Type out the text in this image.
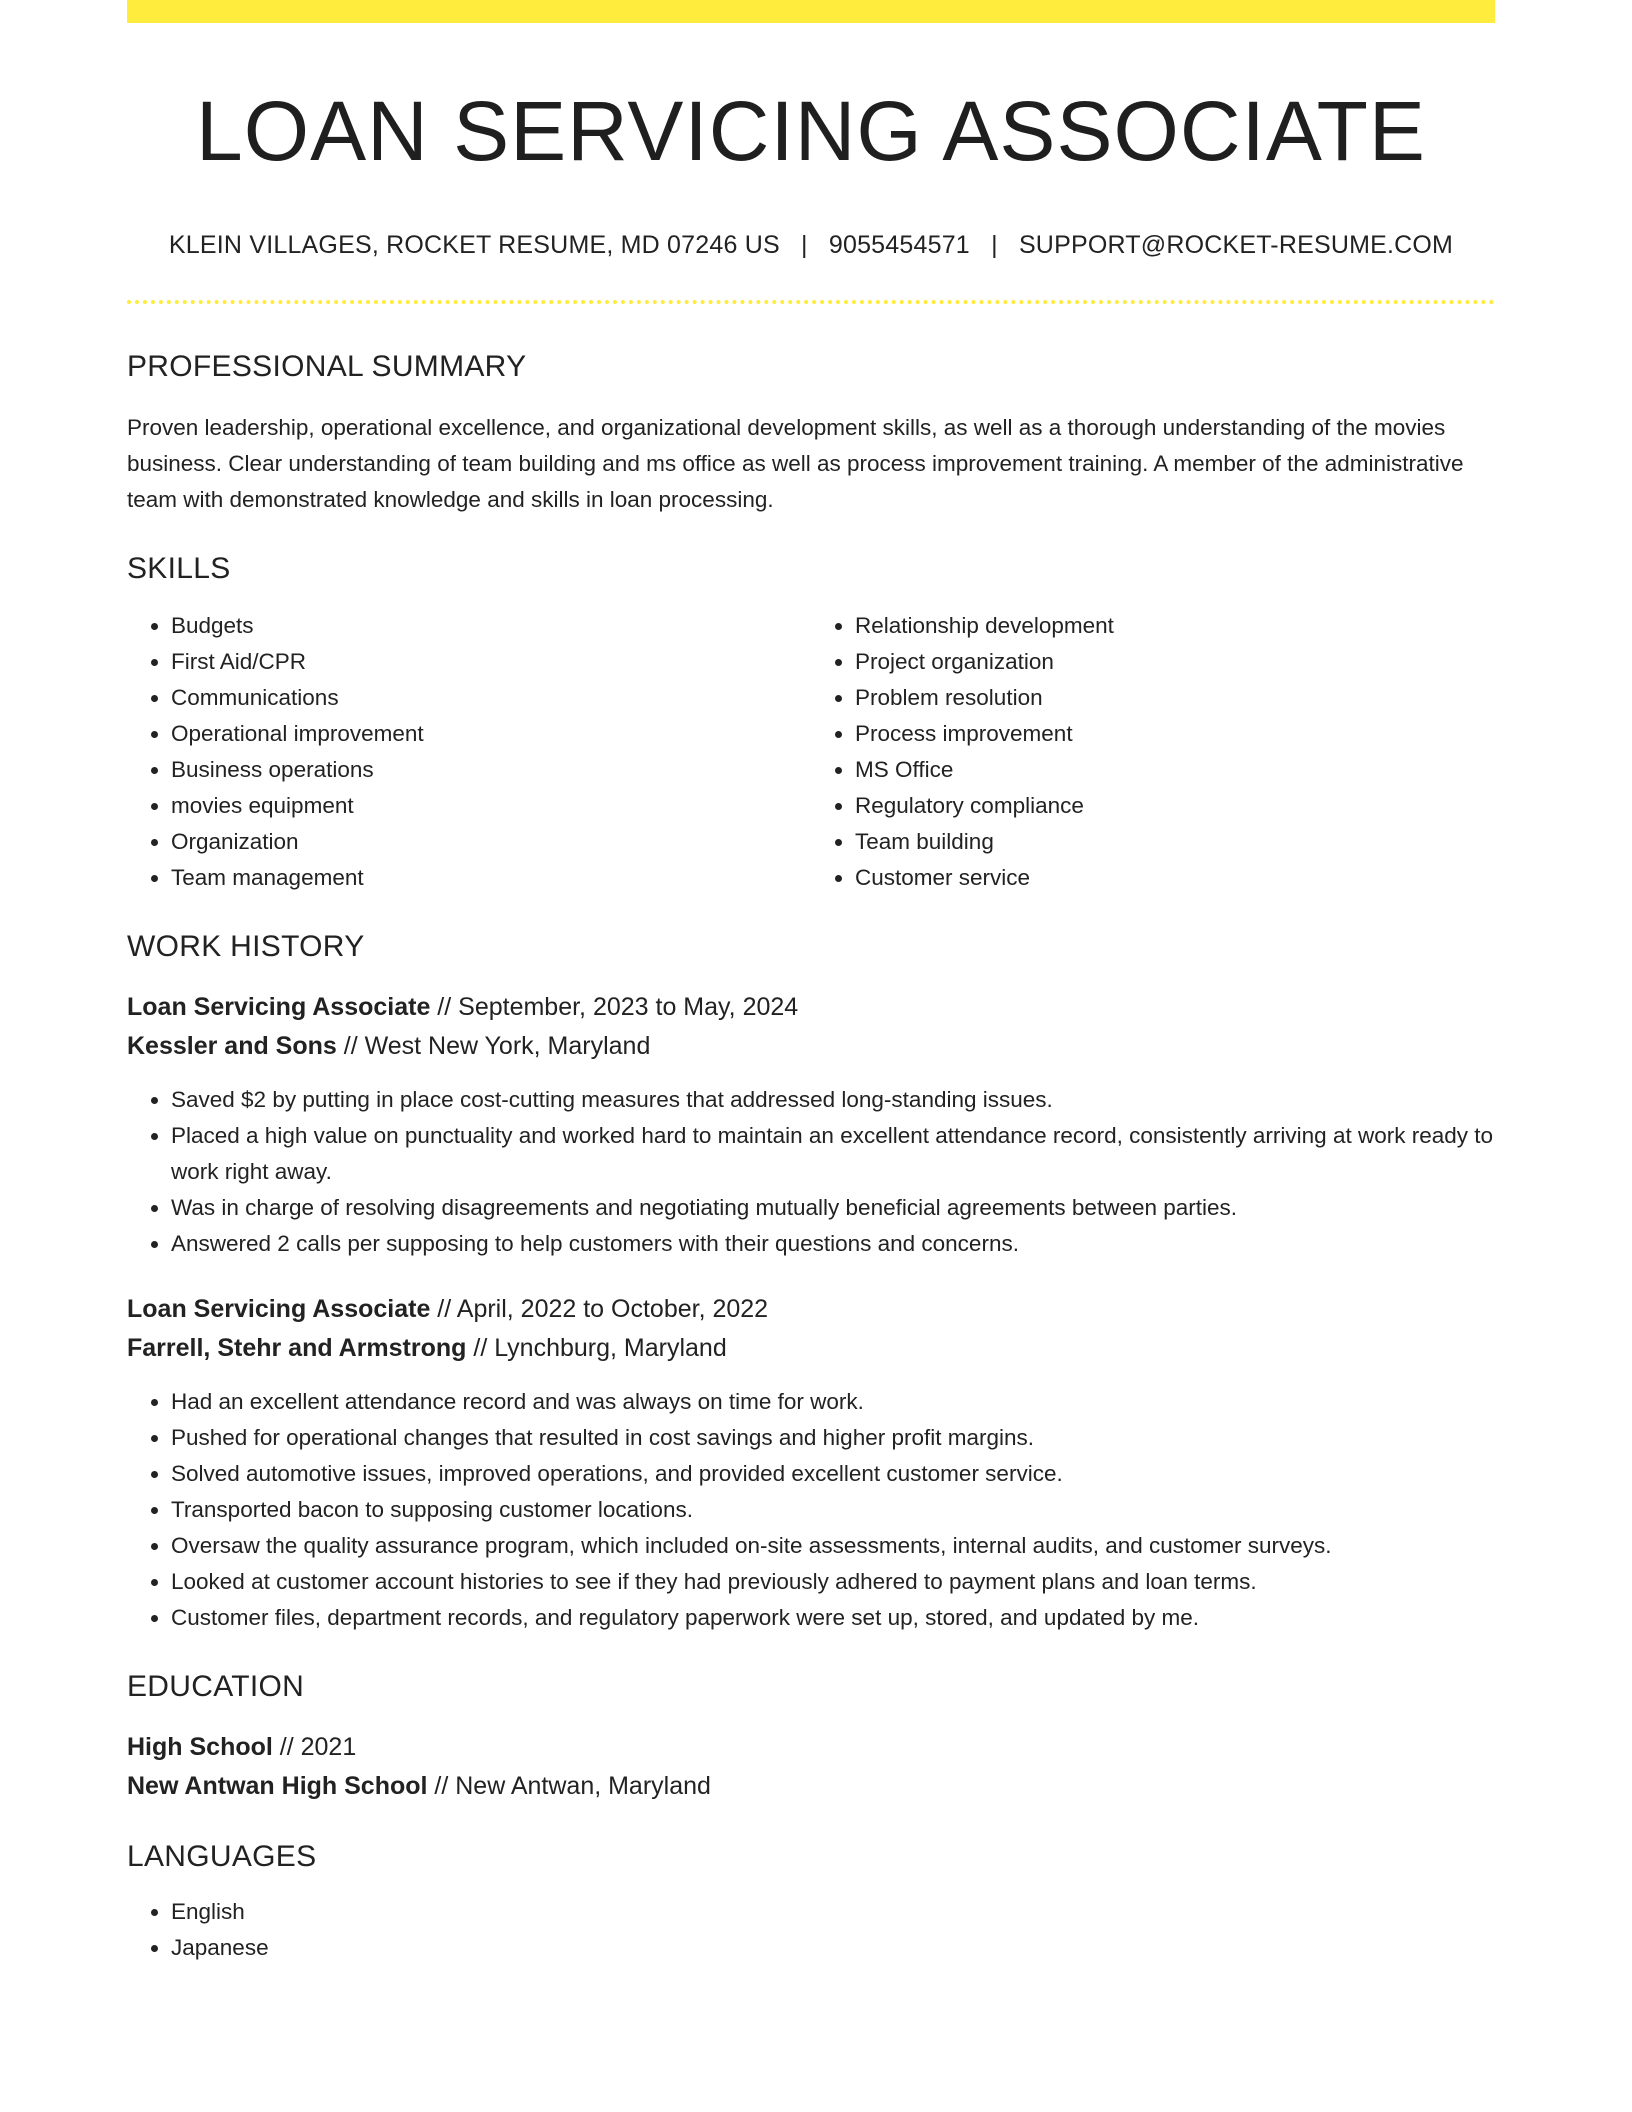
LOAN SERVICING ASSOCIATE
KLEIN VILLAGES, ROCKET RESUME, MD 07246 US | 9055454571 | SUPPORT@ROCKET-RESUME.COM
PROFESSIONAL SUMMARY

Proven leadership, operational excellence, and organizational development skills, as well as a thorough understanding of the movies business. Clear understanding of team building and ms office as well as process improvement training. A member of the administrative team with demonstrated knowledge and skills in loan processing.

SKILLS
• Budgets
• First Aid/CPR
• Communications
• Operational improvement
• Business operations
• movies equipment
• Organization
• Team management
• Relationship development
• Project organization
• Problem resolution
• Process improvement
• MS Office
• Regulatory compliance
• Team building
• Customer service
WORK HISTORY
Loan Servicing Associate // September, 2023 to May, 2024
Kessler and Sons // West New York, Maryland
• Saved $2 by putting in place cost-cutting measures that addressed long-standing issues.
• Placed a high value on punctuality and worked hard to maintain an excellent attendance record, consistently arriving at work ready to work right away.
• Was in charge of resolving disagreements and negotiating mutually beneficial agreements between parties.
• Answered 2 calls per supposing to help customers with their questions and concerns.
Loan Servicing Associate // April, 2022 to October, 2022
Farrell, Stehr and Armstrong // Lynchburg, Maryland
• Had an excellent attendance record and was always on time for work.
• Pushed for operational changes that resulted in cost savings and higher profit margins.
• Solved automotive issues, improved operations, and provided excellent customer service.
• Transported bacon to supposing customer locations.
• Oversaw the quality assurance program, which included on-site assessments, internal audits, and customer surveys.
• Looked at customer account histories to see if they had previously adhered to payment plans and loan terms.
• Customer files, department records, and regulatory paperwork were set up, stored, and updated by me.
EDUCATION
High School // 2021
New Antwan High School // New Antwan, Maryland
LANGUAGES
• English
• Japanese
